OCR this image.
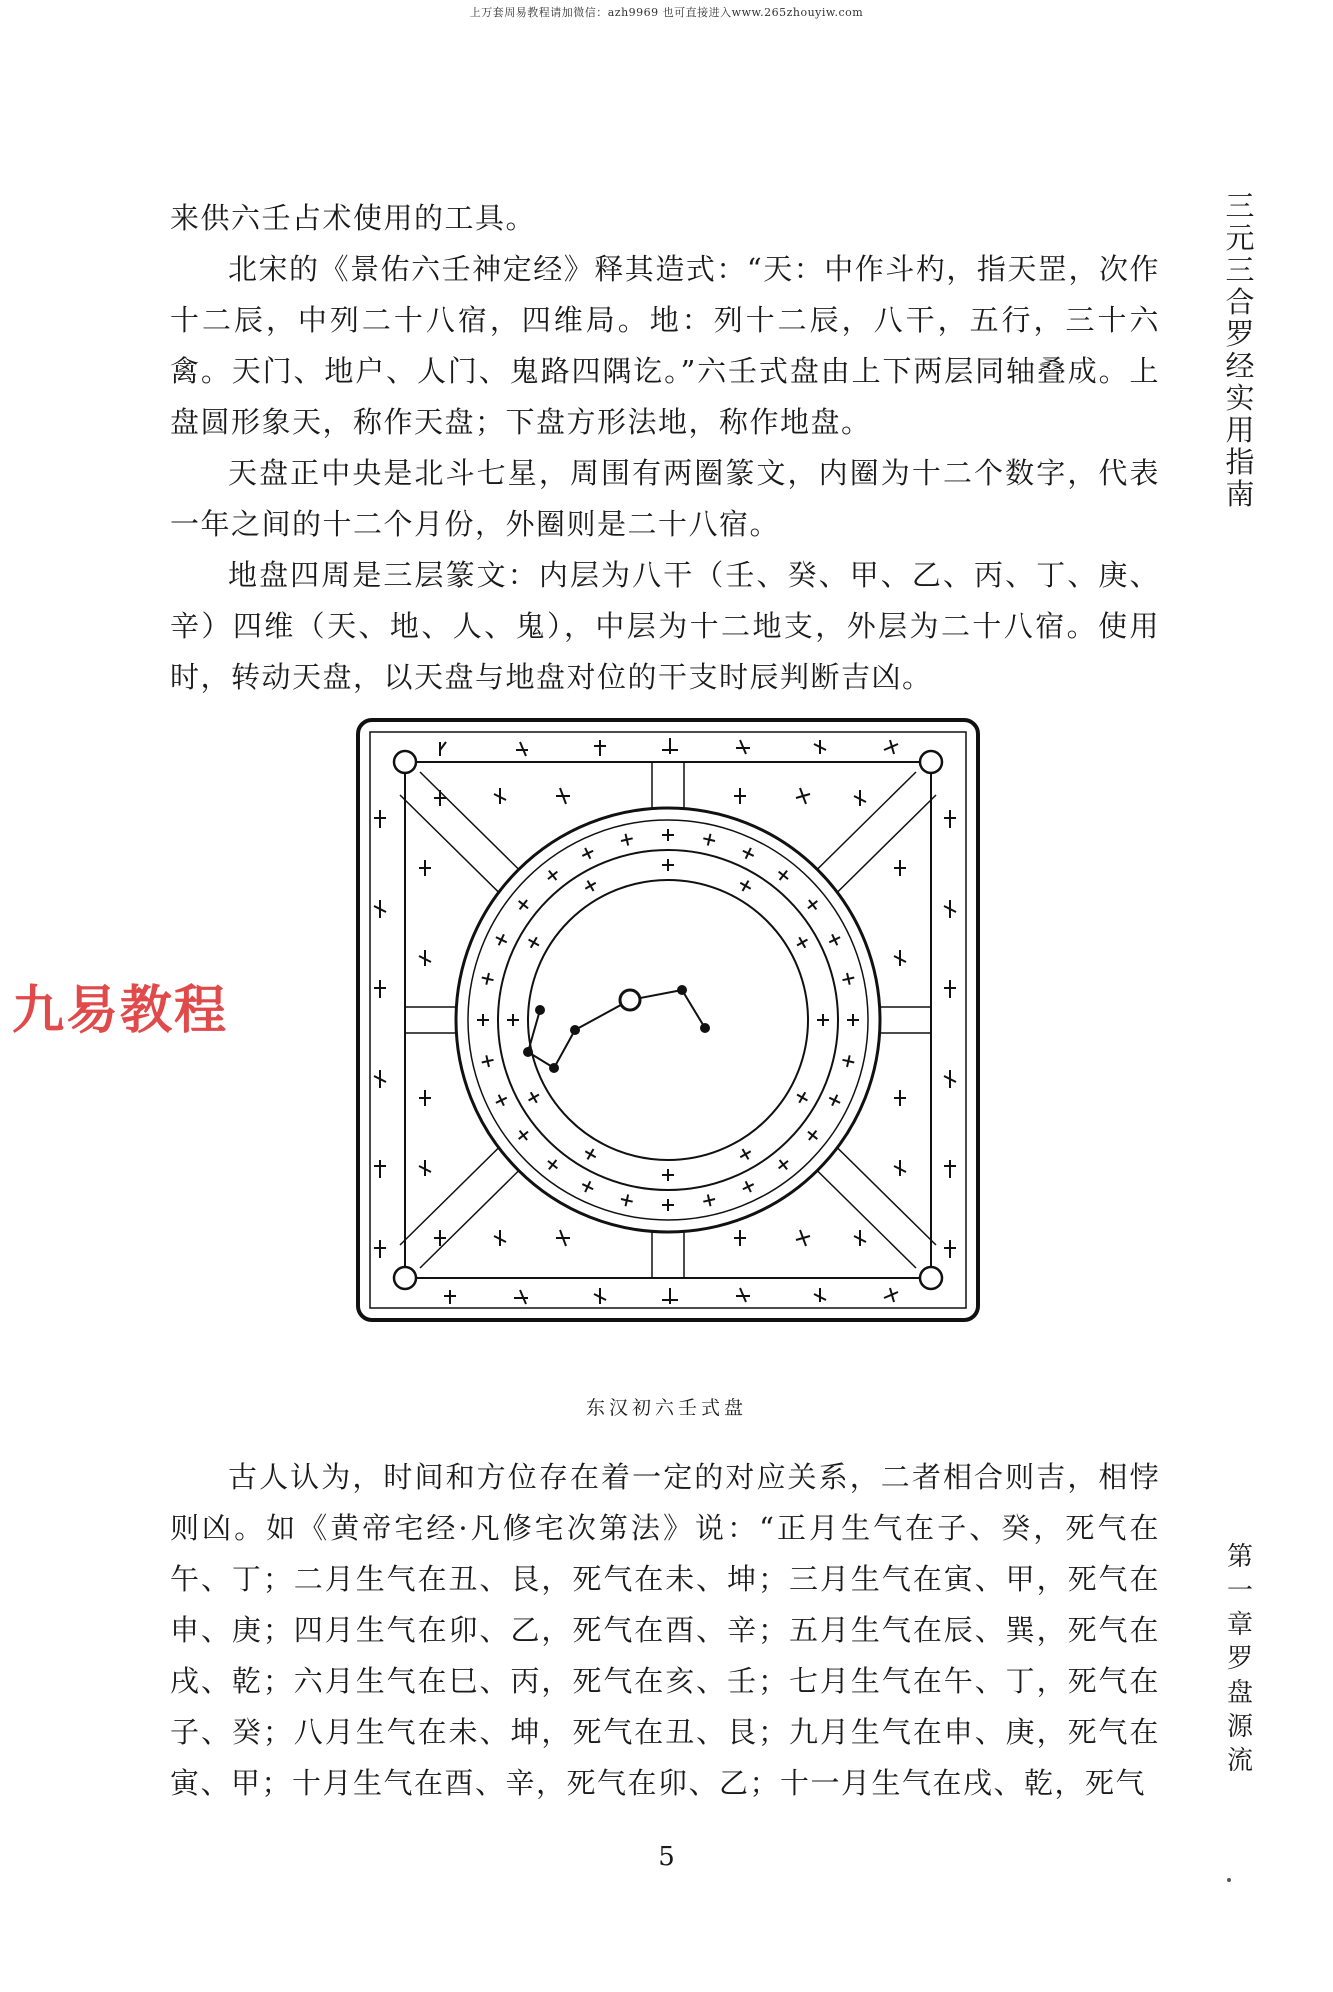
上万套周易教程请加微信：azh9969 也可直接进入www.265zhouyiw.com

来供六壬占术使用的工具。

北宋的《景佑六壬神定经》释其造式：“天：中作斗杓，指天罡，次作十二辰，中列二十八宿，四维局。地：列十二辰，八干，五行，三十六禽。天门、地户、人门、鬼路四隅讫。”六壬式盘由上下两层同轴叠成。上盘圆形象天，称作天盘；下盘方形法地，称作地盘。

天盘正中央是北斗七星，周围有两圈篆文，内圈为十二个数字，代表一年之间的十二个月份，外圈则是二十八宿。

地盘四周是三层篆文：内层为八干（壬、癸、甲、乙、丙、丁、庚、辛）四维（天、地、人、鬼），中层为十二地支，外层为二十八宿。使用时，转动天盘，以天盘与地盘对位的干支时辰判断吉凶。

东汉初六壬式盘

古人认为，时间和方位存在着一定的对应关系，二者相合则吉，相悖则凶。如《黄帝宅经·凡修宅次第法》说：“正月生气在子、癸，死气在午、丁；二月生气在丑、艮，死气在未、坤；三月生气在寅、甲，死气在申、庚；四月生气在卯、乙，死气在酉、辛；五月生气在辰、巽，死气在戌、乾；六月生气在巳、丙，死气在亥、壬；七月生气在午、丁，死气在子、癸；八月生气在未、坤，死气在丑、艮；九月生气在申、庚，死气在寅、甲；十月生气在酉、辛，死气在卯、乙；十一月生气在戌、乾，死气

九易教程
三元三合罗经实用指南
第一章 罗盘源流
5
